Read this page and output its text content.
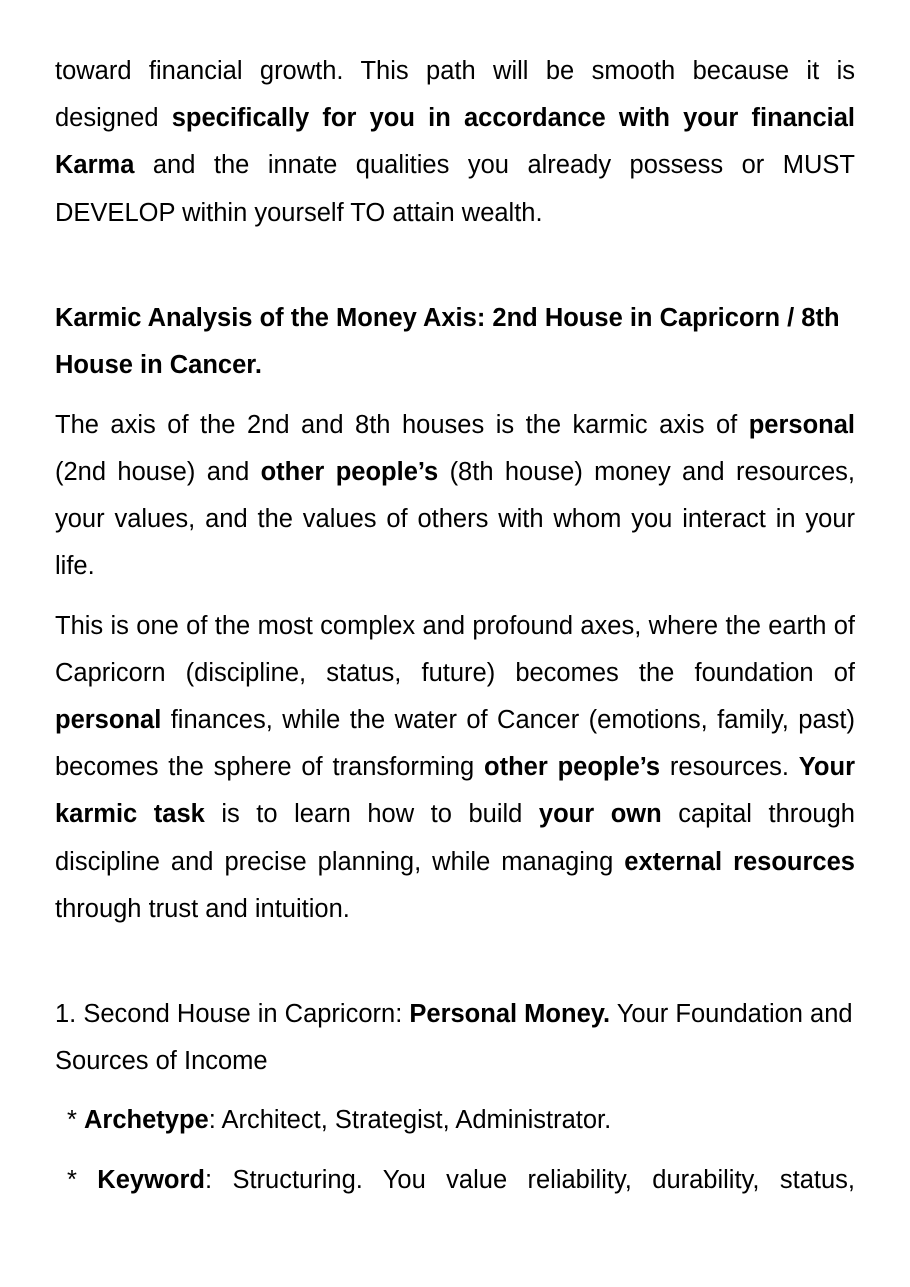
toward financial growth. This path will be smooth because it is designed specifically for you in accordance with your financial Karma and the innate qualities you already possess or MUST DEVELOP within yourself TO attain wealth.

Karmic Analysis of the Money Axis: 2nd House in Capricorn / 8th House in Cancer.

The axis of the 2nd and 8th houses is the karmic axis of personal (2nd house) and other people’s (8th house) money and resources, your values, and the values of others with whom you interact in your life.

This is one of the most complex and profound axes, where the earth of Capricorn (discipline, status, future) becomes the foundation of personal finances, while the water of Cancer (emotions, family, past) becomes the sphere of transforming other people’s resources. Your karmic task is to learn how to build your own capital through discipline and precise planning, while managing external resources through trust and intuition.

1. Second House in Capricorn: Personal Money. Your Foundation and Sources of Income

* Archetype: Architect, Strategist, Administrator.

* Keyword: Structuring. You value reliability, durability, status,
